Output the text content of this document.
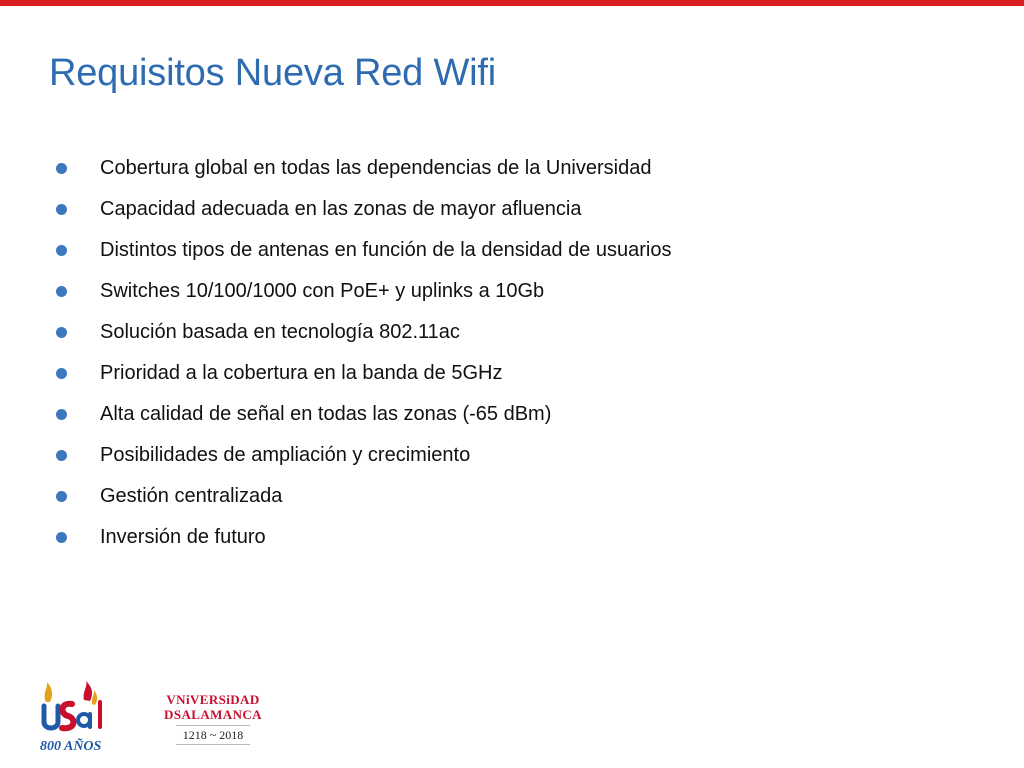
Requisitos Nueva Red Wifi
Cobertura global en todas las dependencias de la Universidad
Capacidad adecuada en las zonas de mayor afluencia
Distintos tipos de antenas en función de la densidad de usuarios
Switches 10/100/1000 con PoE+ y uplinks a 10Gb
Solución basada en tecnología 802.11ac
Prioridad a la cobertura en la banda de 5GHz
Alta calidad de señal en todas las zonas (-65 dBm)
Posibilidades de ampliación y crecimiento
Gestión centralizada
Inversión de futuro
800 AÑOS
VNiVERSiDAD
DSALAMANCA
1218 ~ 2018
